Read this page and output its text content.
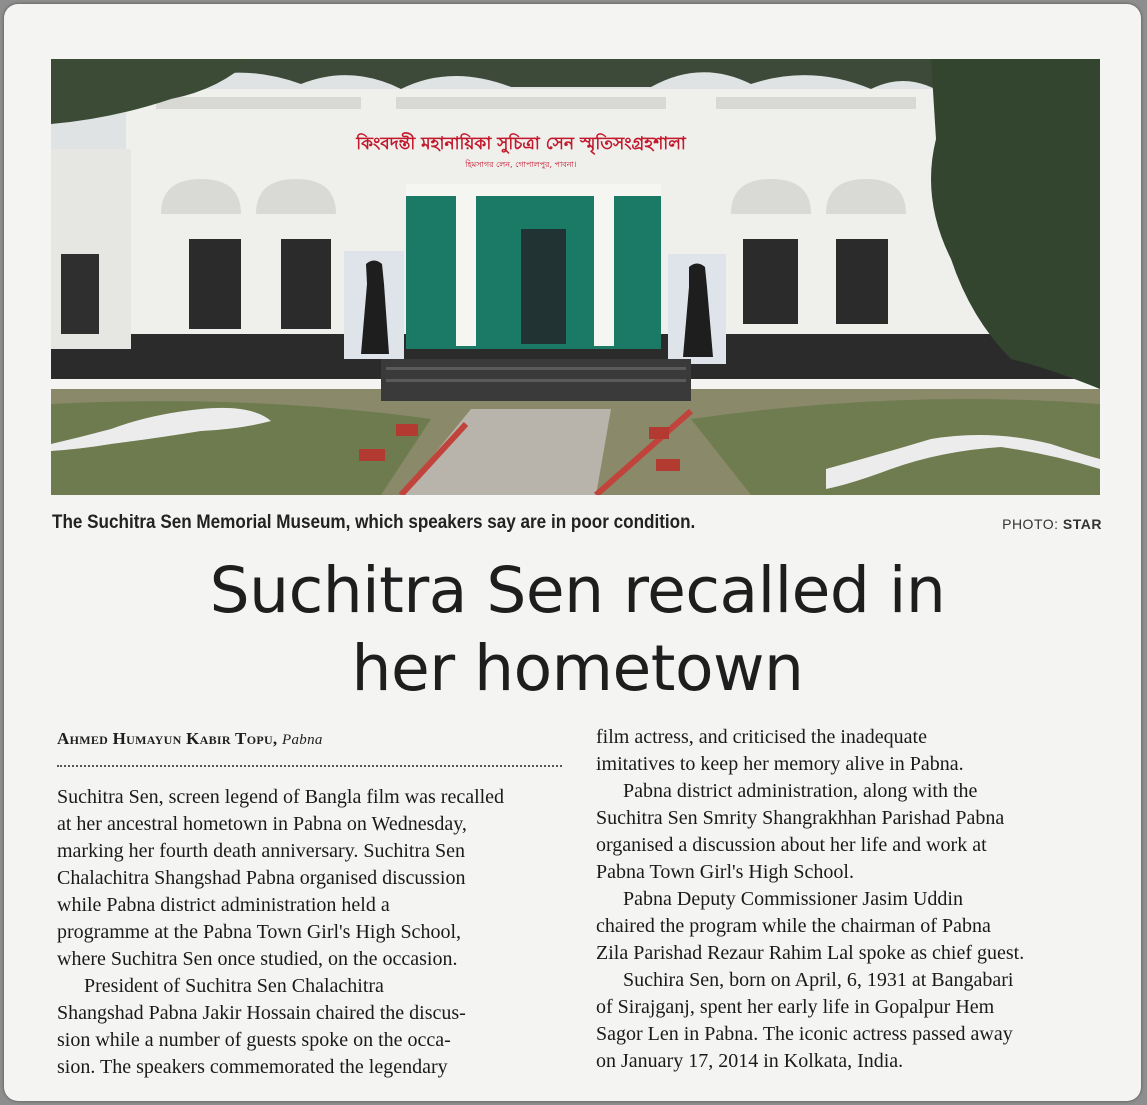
কিংবদন্তী মহানায়িকা সুচিত্রা সেন স্মৃতিসংগ্রহশালা
হিমসাগর লেন, গোপালপুর, পাবনা।
The Suchitra Sen Memorial Museum, which speakers say are in poor condition.	PHOTO: STAR
Suchitra Sen recalled in
her hometown
Ahmed Humayun Kabir Topu, Pabna

Suchitra Sen, screen legend of Bangla film was recalled
at her ancestral hometown in Pabna on Wednesday,
marking her fourth death anniversary. Suchitra Sen
Chalachitra Shangshad Pabna organised discussion
while Pabna district administration held a
programme at the Pabna Town Girl's High School,
where Suchitra Sen once studied, on the occasion.

President of Suchitra Sen Chalachitra
Shangshad Pabna Jakir Hossain chaired the discus-
sion while a number of guests spoke on the occa-
sion. The speakers commemorated the legendary

film actress, and criticised the inadequate
imitatives to keep her memory alive in Pabna.

Pabna district administration, along with the
Suchitra Sen Smrity Shangrakhhan Parishad Pabna
organised a discussion about her life and work at
Pabna Town Girl's High School.

Pabna Deputy Commissioner Jasim Uddin
chaired the program while the chairman of Pabna
Zila Parishad Rezaur Rahim Lal spoke as chief guest.

Suchira Sen, born on April, 6, 1931 at Bangabari
of Sirajganj, spent her early life in Gopalpur Hem
Sagor Len in Pabna. The iconic actress passed away
on January 17, 2014 in Kolkata, India.
